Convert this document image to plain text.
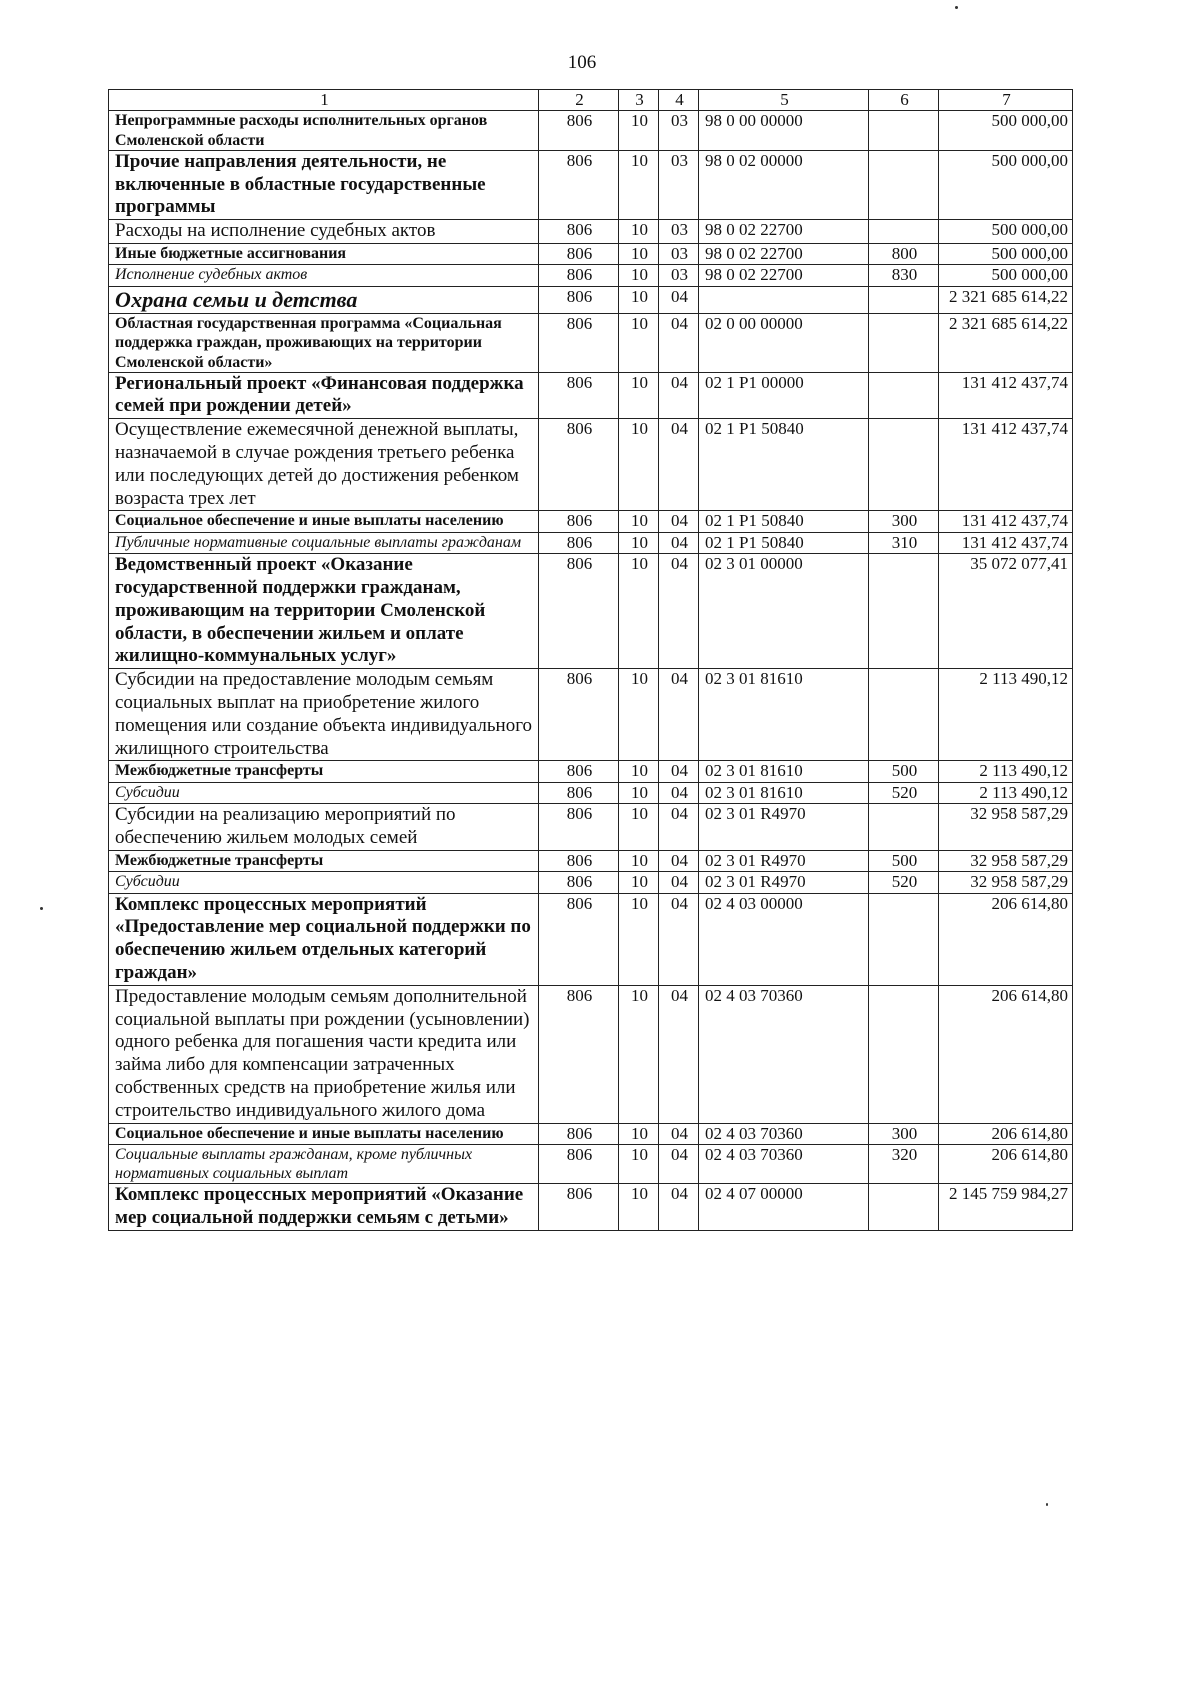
106
1	2	3	4	5	6	7
Непрограммные расходы исполнительных органов Смоленской области	806	10	03	98 0 00 00000		500 000,00
Прочие направления деятельности, не включенные в областные государственные программы	806	10	03	98 0 02 00000		500 000,00
Расходы на исполнение судебных актов	806	10	03	98 0 02 22700		500 000,00
Иные бюджетные ассигнования	806	10	03	98 0 02 22700	800	500 000,00
Исполнение судебных актов	806	10	03	98 0 02 22700	830	500 000,00
Охрана семьи и детства	806	10	04			2 321 685 614,22
Областная государственная программа «Социальная поддержка граждан, проживающих на территории Смоленской области»	806	10	04	02 0 00 00000		2 321 685 614,22
Региональный проект «Финансовая поддержка семей при рождении детей»	806	10	04	02 1 P1 00000		131 412 437,74
Осуществление ежемесячной денежной выплаты, назначаемой в случае рождения третьего ребенка или последующих детей до достижения ребенком возраста трех лет	806	10	04	02 1 P1 50840		131 412 437,74
Социальное обеспечение и иные выплаты населению	806	10	04	02 1 P1 50840	300	131 412 437,74
Публичные нормативные социальные выплаты гражданам	806	10	04	02 1 P1 50840	310	131 412 437,74
Ведомственный проект «Оказание государственной поддержки гражданам, проживающим на территории Смоленской области, в обеспечении жильем и оплате жилищно-коммунальных услуг»	806	10	04	02 3 01 00000		35 072 077,41
Субсидии на предоставление молодым семьям социальных выплат на приобретение жилого помещения или создание объекта индивидуального жилищного строительства	806	10	04	02 3 01 81610		2 113 490,12
Межбюджетные трансферты	806	10	04	02 3 01 81610	500	2 113 490,12
Субсидии	806	10	04	02 3 01 81610	520	2 113 490,12
Субсидии на реализацию мероприятий по обеспечению жильем молодых семей	806	10	04	02 3 01 R4970		32 958 587,29
Межбюджетные трансферты	806	10	04	02 3 01 R4970	500	32 958 587,29
Субсидии	806	10	04	02 3 01 R4970	520	32 958 587,29
Комплекс процессных мероприятий «Предоставление мер социальной поддержки по обеспечению жильем отдельных категорий граждан»	806	10	04	02 4 03 00000		206 614,80
Предоставление молодым семьям дополнительной социальной выплаты при рождении (усыновлении) одного ребенка для погашения части кредита или займа либо для компенсации затраченных собственных средств на приобретение жилья или строительство индивидуального жилого дома	806	10	04	02 4 03 70360		206 614,80
Социальное обеспечение и иные выплаты населению	806	10	04	02 4 03 70360	300	206 614,80
Социальные выплаты гражданам, кроме публичных нормативных социальных выплат	806	10	04	02 4 03 70360	320	206 614,80
Комплекс процессных мероприятий «Оказание мер социальной поддержки семьям с детьми»	806	10	04	02 4 07 00000		2 145 759 984,27
